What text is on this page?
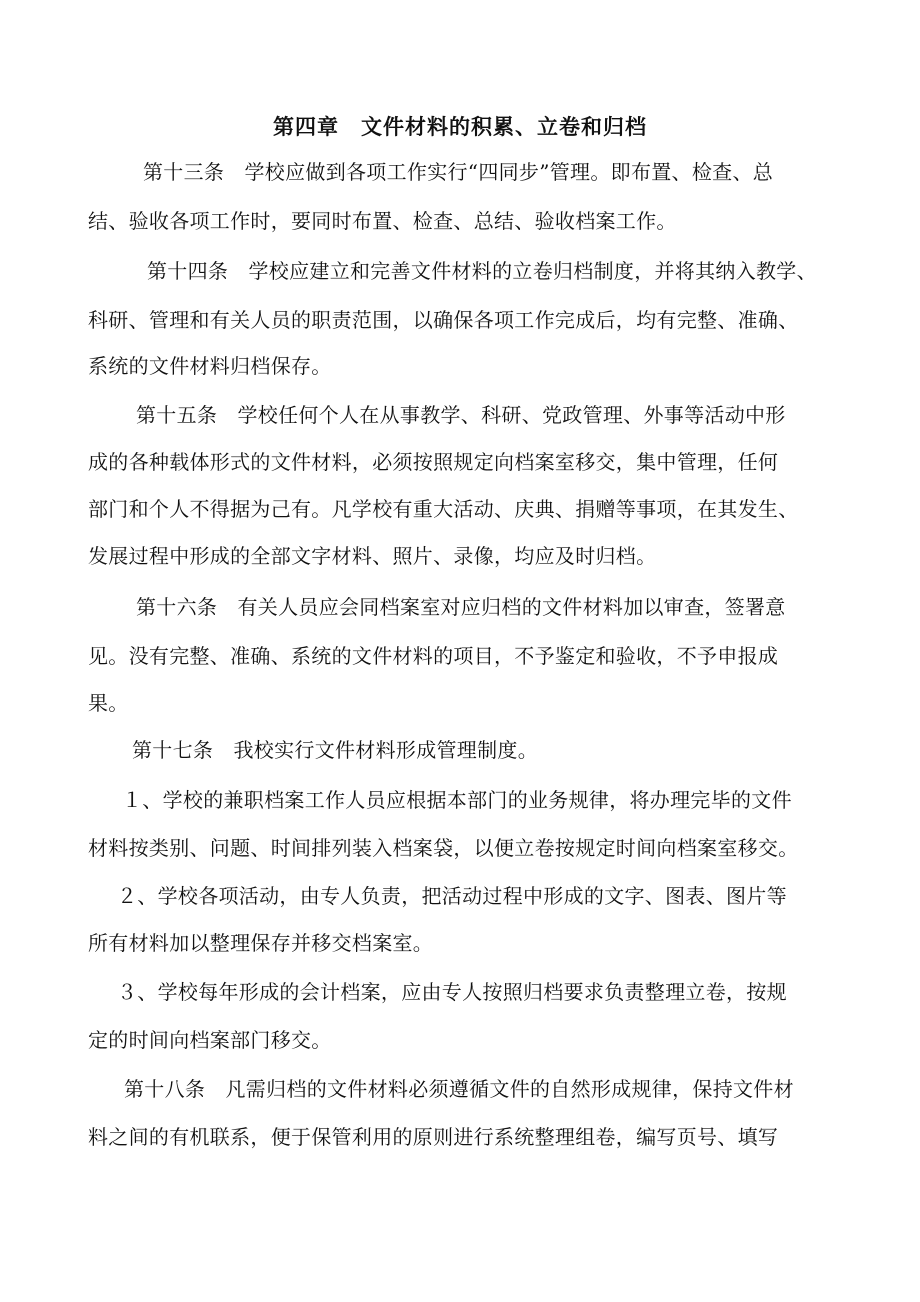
第四章　文件材料的积累、立卷和归档
第十三条　学校应做到各项工作实行“四同步”管理。即布置、检查、总
结、验收各项工作时，要同时布置、检查、总结、验收档案工作。
第十四条　学校应建立和完善文件材料的立卷归档制度，并将其纳入教学、
科研、管理和有关人员的职责范围，以确保各项工作完成后，均有完整、准确、
系统的文件材料归档保存。
第十五条　学校任何个人在从事教学、科研、党政管理、外事等活动中形
成的各种载体形式的文件材料，必须按照规定向档案室移交，集中管理，任何
部门和个人不得据为己有。凡学校有重大活动、庆典、捐赠等事项，在其发生、
发展过程中形成的全部文字材料、照片、录像，均应及时归档。
第十六条　有关人员应会同档案室对应归档的文件材料加以审查，签署意
见。没有完整、准确、系统的文件材料的项目，不予鉴定和验收，不予申报成
果。
第十七条　我校实行文件材料形成管理制度。
１、学校的兼职档案工作人员应根据本部门的业务规律，将办理完毕的文件
材料按类别、问题、时间排列装入档案袋，以便立卷按规定时间向档案室移交。
２、学校各项活动，由专人负责，把活动过程中形成的文字、图表、图片等
所有材料加以整理保存并移交档案室。
３、学校每年形成的会计档案，应由专人按照归档要求负责整理立卷，按规
定的时间向档案部门移交。
第十八条　凡需归档的文件材料必须遵循文件的自然形成规律，保持文件材
料之间的有机联系，便于保管利用的原则进行系统整理组卷，编写页号、填写
